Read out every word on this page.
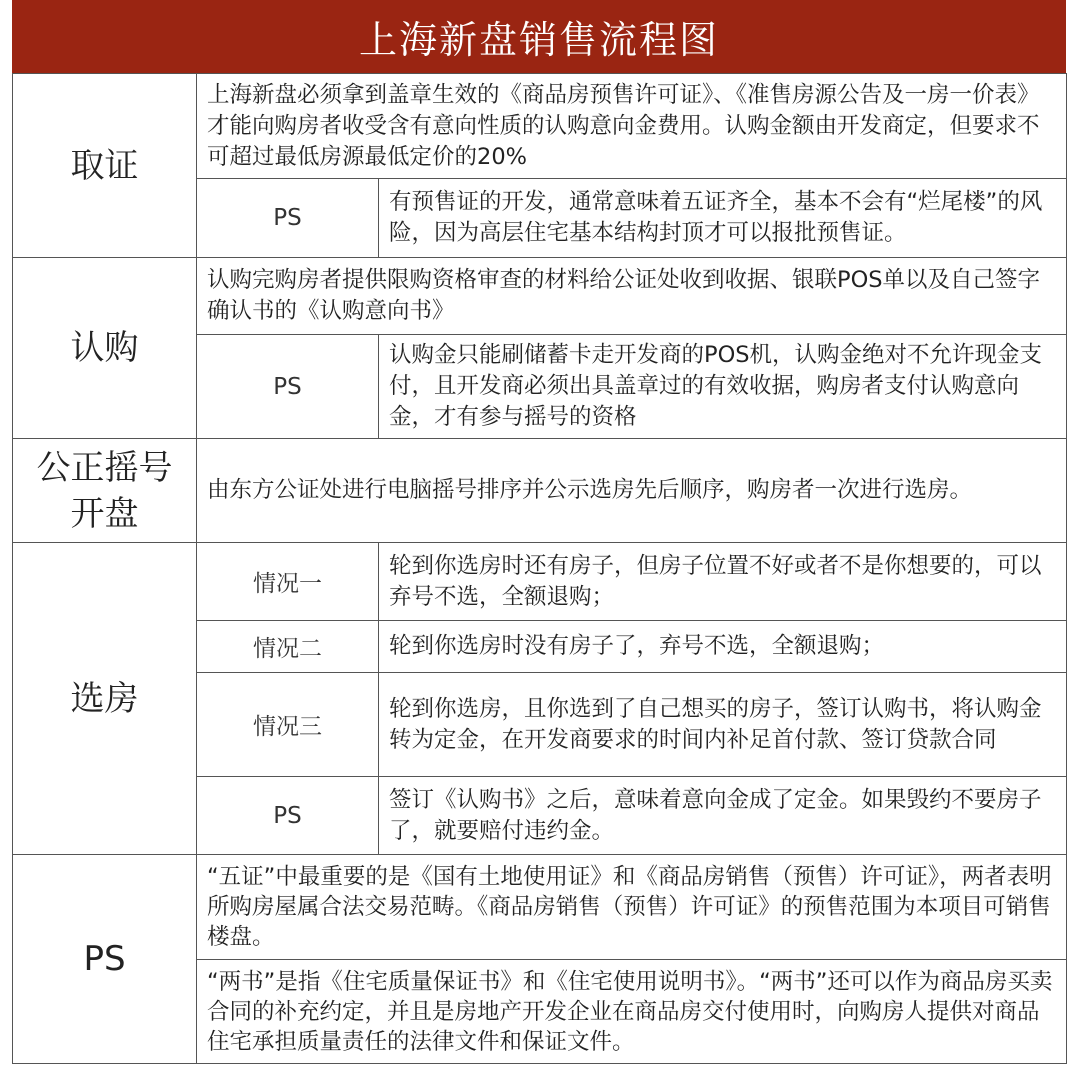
上海新盘销售流程图
取证	上海新盘必须拿到盖章生效的《商品房预售许可证》、《准售房源公告及一房一价表》才能向购房者收受含有意向性质的认购意向金费用。认购金额由开发商定，但要求不可超过最低房源最低定价的20%	
	PS	有预售证的开发，通常意味着五证齐全，基本不会有“烂尾楼”的风险，因为高层住宅基本结构封顶才可以报批预售证。
认购	认购完购房者提供限购资格审查的材料给公证处收到收据、银联POS单以及自己签字确认书的《认购意向书》	
	PS	认购金只能刷储蓄卡走开发商的POS机，认购金绝对不允许现金支付，且开发商必须出具盖章过的有效收据，购房者支付认购意向金，才有参与摇号的资格

公正摇号
开盘	由东方公证处进行电脑摇号排序并公示选房先后顺序，购房者一次进行选房。	
选房	情况一	轮到你选房时还有房子，但房子位置不好或者不是你想要的，可以弃号不选，全额退购；
	情况二	轮到你选房时没有房子了，弃号不选，全额退购；
	情况三	轮到你选房，且你选到了自己想买的房子，签订认购书，将认购金转为定金，在开发商要求的时间内补足首付款、签订贷款合同
	PS	签订《认购书》之后，意味着意向金成了定金。如果毁约不要房子了，就要赔付违约金。
PS	“五证”中最重要的是《国有土地使用证》和《商品房销售（预售）许可证》，两者表明所购房屋属合法交易范畴。《商品房销售（预售）许可证》的预售范围为本项目可销售楼盘。	
	“两书”是指《住宅质量保证书》和《住宅使用说明书》。“两书”还可以作为商品房买卖合同的补充约定，并且是房地产开发企业在商品房交付使用时，向购房人提供对商品住宅承担质量责任的法律文件和保证文件。	
